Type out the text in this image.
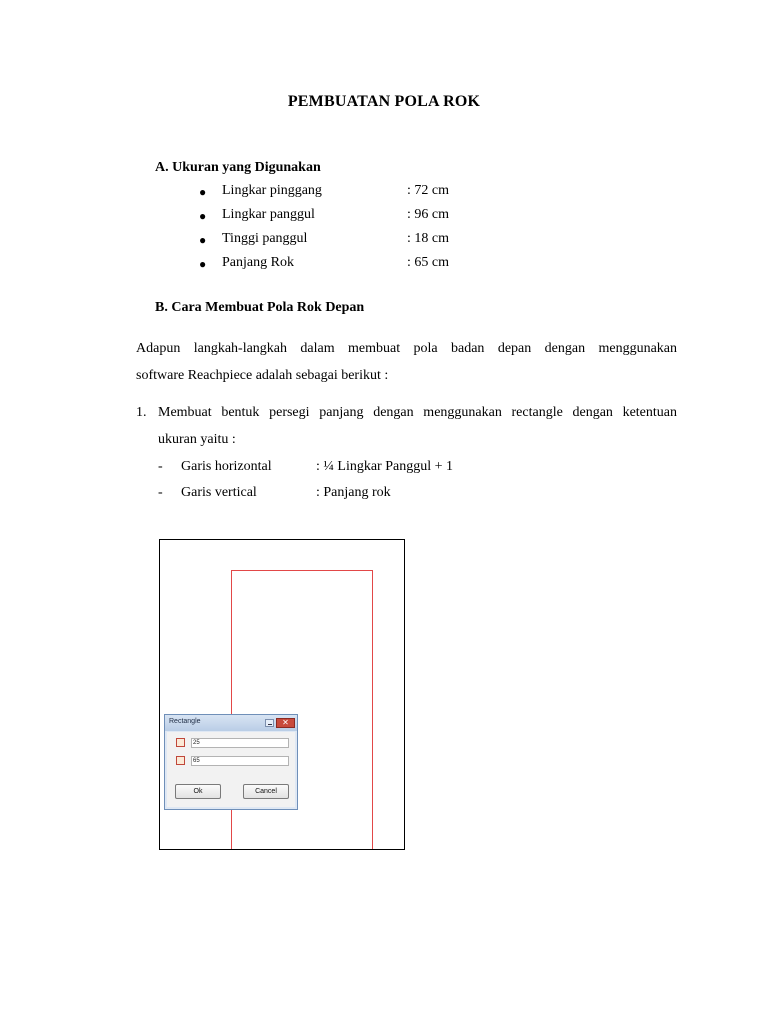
PEMBUATAN POLA ROK
A. Ukuran yang Digunakan
● Lingkar pinggang	: 72 cm
● Lingkar panggul	: 96 cm
● Tinggi panggul	: 18 cm
● Panjang Rok	: 65 cm
B. Cara Membuat Pola Rok Depan
Adapun langkah-langkah dalam membuat pola badan depan dengan menggunakan
software Reachpiece adalah sebagai berikut :
1. Membuat bentuk persegi panjang dengan menggunakan rectangle dengan ketentuan
ukuran yaitu :
- Garis horizontal	: ¼ Lingkar Panggul + 1
- Garis vertical	: Panjang rok
Rectangle	✕
25
65
Ok	Cancel
